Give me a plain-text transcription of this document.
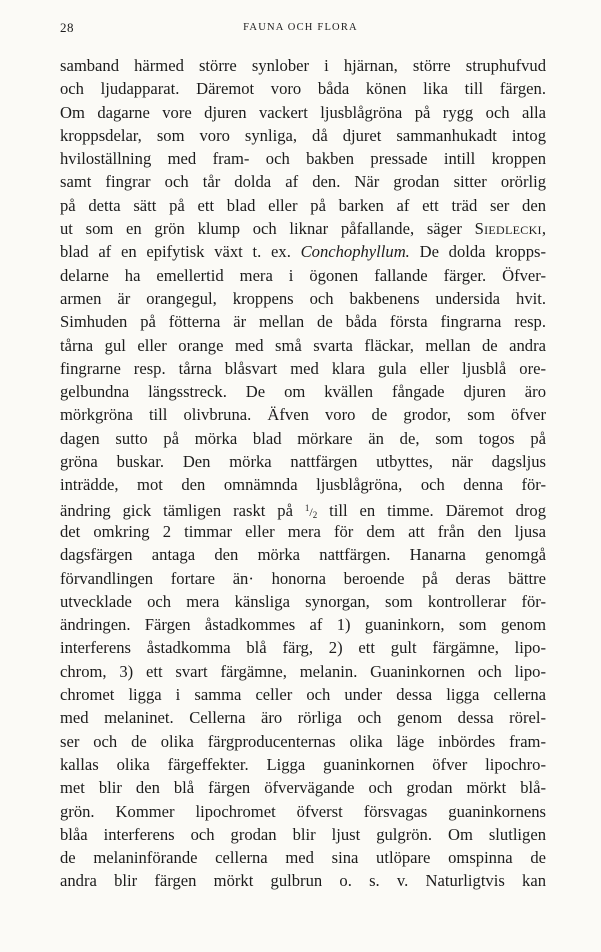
28	FAUNA OCH FLORA
samband härmed större synlober i hjärnan, större struphufvud
och ljudapparat. Däremot voro båda könen lika till färgen.
Om dagarne vore djuren vackert ljusblågröna på rygg och alla
kroppsdelar, som voro synliga, då djuret sammanhukadt intog
hviloställning med fram- och bakben pressade intill kroppen
samt fingrar och tår dolda af den. När grodan sitter orörlig
på detta sätt på ett blad eller på barken af ett träd ser den
ut som en grön klump och liknar påfallande, säger Siedlecki,
blad af en epifytisk växt t. ex. Conchophyllum. De dolda kropps-
delarne ha emellertid mera i ögonen fallande färger. Öfver-
armen är orangegul, kroppens och bakbenens undersida hvit.
Simhuden på fötterna är mellan de båda första fingrarna resp.
tårna gul eller orange med små svarta fläckar, mellan de andra
fingrarne resp. tårna blåsvart med klara gula eller ljusblå ore-
gelbundna längsstreck. De om kvällen fångade djuren äro
mörkgröna till olivbruna. Äfven voro de grodor, som öfver
dagen sutto på mörka blad mörkare än de, som togos på
gröna buskar. Den mörka nattfärgen utbyttes, när dagsljus
inträdde, mot den omnämnda ljusblågröna, och denna för-
ändring gick tämligen raskt på $^1/_2$ till en timme. Däremot drog
det omkring 2 timmar eller mera för dem att från den ljusa
dagsfärgen antaga den mörka nattfärgen. Hanarna genomgå
förvandlingen fortare än· honorna beroende på deras bättre
utvecklade och mera känsliga synorgan, som kontrollerar för-
ändringen. Färgen åstadkommes af 1) guaninkorn, som genom
interferens åstadkomma blå färg, 2) ett gult färgämne, lipo-
chrom, 3) ett svart färgämne, melanin. Guaninkornen och lipo-
chromet ligga i samma celler och under dessa ligga cellerna
med melaninet. Cellerna äro rörliga och genom dessa rörel-
ser och de olika färgproducenternas olika läge inbördes fram-
kallas olika färgeffekter. Ligga guaninkornen öfver lipochro-
met blir den blå färgen öfvervägande och grodan mörkt blå-
grön. Kommer lipochromet öfverst försvagas guaninkornens
blåa interferens och grodan blir ljust gulgrön. Om slutligen
de melaninförande cellerna med sina utlöpare omspinna de
andra blir färgen mörkt gulbrun o. s. v. Naturligtvis kan
